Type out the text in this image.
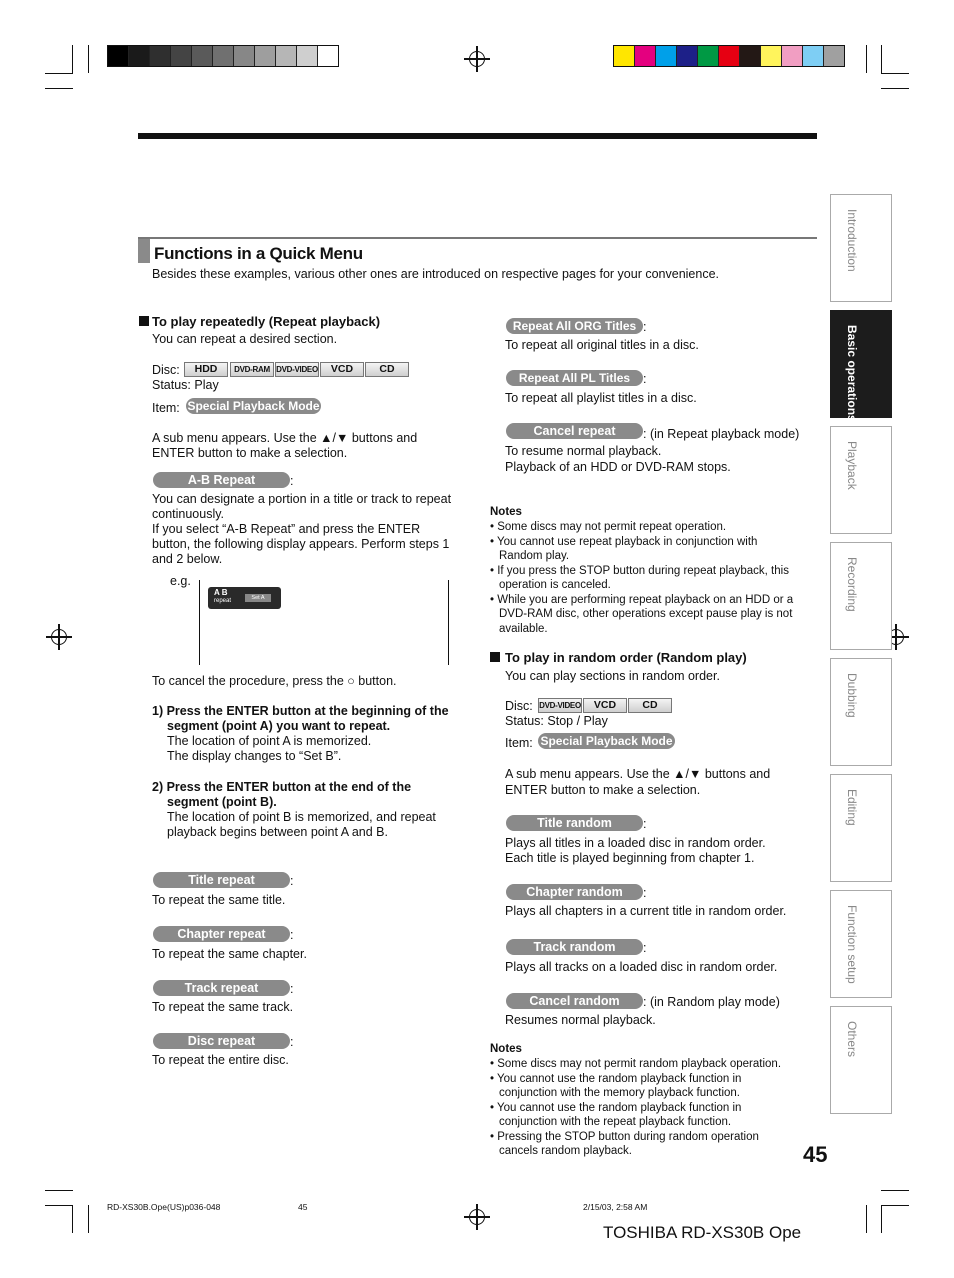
Functions in a Quick Menu
Besides these examples, various other ones are introduced on respective pages for your convenience.
To play repeatedly (Repeat playback)
You can repeat a desired section.
Disc:	HDD	DVD-RAM DVD-VIDEO	VCD	CD
Status: Play
Item: Special Playback Mode
A sub menu appears. Use the ▲/▼ buttons and
ENTER button to make a selection.
A-B Repeat	:
You can designate a portion in a title or track to repeat
continuously.
If you select “A-B Repeat” and press the ENTER
button, the following display appears. Perform steps 1
and 2 below.
e.g.
A B
repeat	Set A
To cancel the procedure, press the ○ button.
1) Press the ENTER button at the beginning of the
segment (point A) you want to repeat.
The location of point A is memorized.
The display changes to “Set B”.
2) Press the ENTER button at the end of the
segment (point B).
The location of point B is memorized, and repeat
playback begins between point A and B.
Title repeat	:
To repeat the same title.
Chapter repeat	:
To repeat the same chapter.
Track repeat	:
To repeat the same track.
Disc repeat	:
To repeat the entire disc.
Repeat All ORG Titles :
To repeat all original titles in a disc.
Repeat All PL Titles	:
To repeat all playlist titles in a disc.
Cancel repeat	: (in Repeat playback mode)
To resume normal playback.
Playback of an HDD or DVD-RAM stops.
Notes
• Some discs may not permit repeat operation.
• You cannot use repeat playback in conjunction with
Random play.
• If you press the STOP button during repeat playback, this
operation is canceled.
• While you are performing repeat playback on an HDD or a
DVD-RAM disc, other operations except pause play is not
available.
To play in random order (Random play)
You can play sections in random order.
Disc: DVD-VIDEO	VCD	CD
Status: Stop / Play
Item: Special Playback Mode
A sub menu appears. Use the ▲/▼ buttons and
ENTER button to make a selection.
Title random	:
Plays all titles in a loaded disc in random order.
Each title is played beginning from chapter 1.
Chapter random	:
Plays all chapters in a current title in random order.
Track random	:
Plays all tracks on a loaded disc in random order.
Cancel random	: (in Random play mode)
Resumes normal playback.
Notes
• Some discs may not permit random playback operation.
• You cannot use the random playback function in
conjunction with the memory playback function.
• You cannot use the random playback function in
conjunction with the repeat playback function.
• Pressing the STOP button during random operation
cancels random playback.
Introduction
Basic operations
Playback
Recording
Dubbing
Editing
Function setup
Others
45
RD-XS30B.Ope(US)p036-048	45	2/15/03, 2:58 AM
TOSHIBA RD-XS30B Ope
